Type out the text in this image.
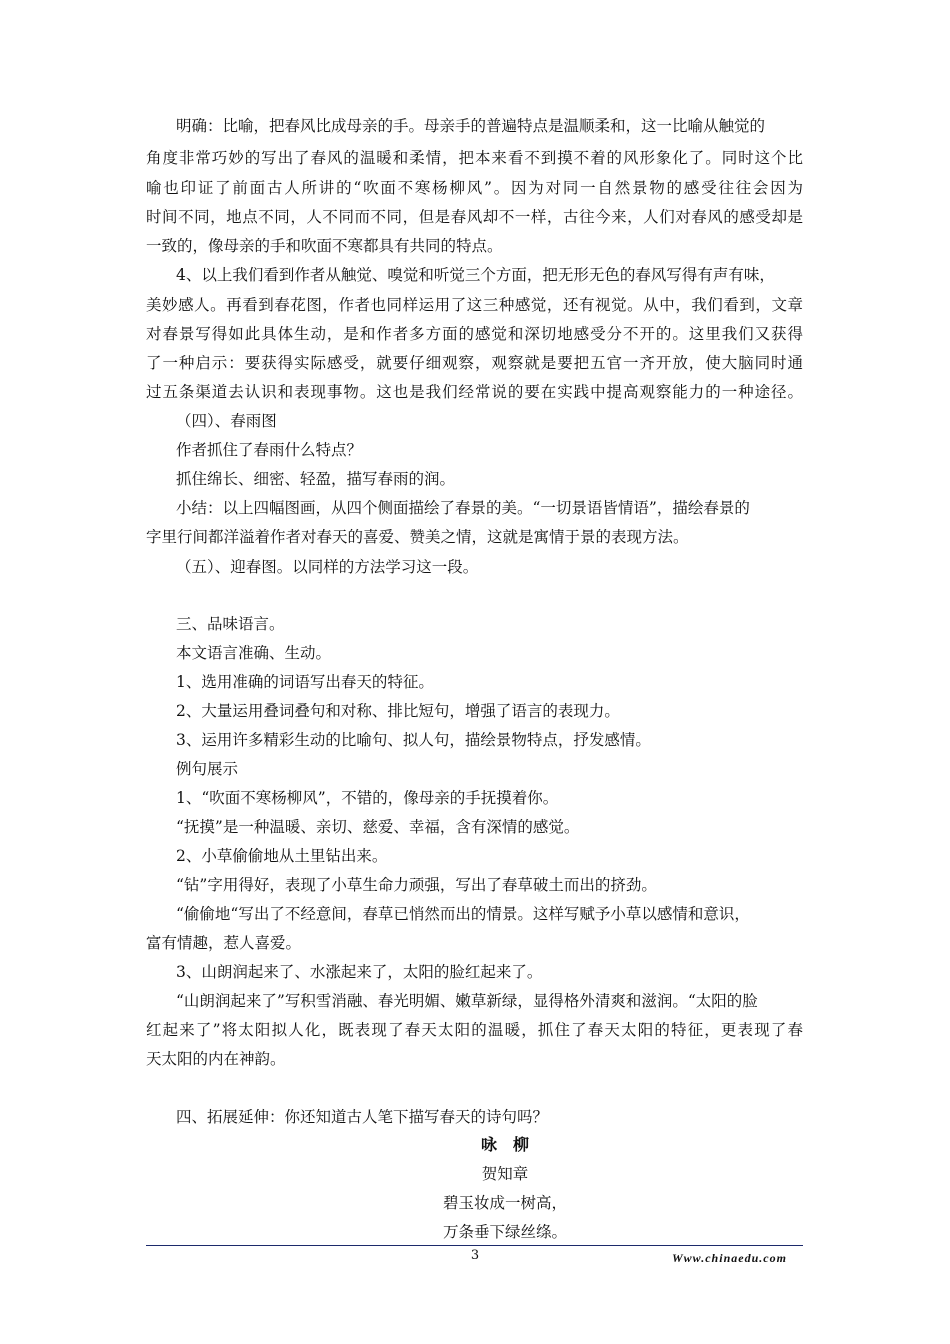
明确：比喻，把春风比成母亲的手。母亲手的普遍特点是温顺柔和，这一比喻从触觉的
角度非常巧妙的写出了春风的温暖和柔情，把本来看不到摸不着的风形象化了。同时这个比
喻也印证了前面古人所讲的“吹面不寒杨柳风”。因为对同一自然景物的感受往往会因为
时间不同，地点不同，人不同而不同，但是春风却不一样，古往今来，人们对春风的感受却是
一致的，像母亲的手和吹面不寒都具有共同的特点。
4、以上我们看到作者从触觉、嗅觉和听觉三个方面，把无形无色的春风写得有声有味，
美妙感人。再看到春花图，作者也同样运用了这三种感觉，还有视觉。从中，我们看到，文章
对春景写得如此具体生动，是和作者多方面的感觉和深切地感受分不开的。这里我们又获得
了一种启示：要获得实际感受，就要仔细观察，观察就是要把五官一齐开放，使大脑同时通
过五条渠道去认识和表现事物。这也是我们经常说的要在实践中提高观察能力的一种途径。
（四）、春雨图
作者抓住了春雨什么特点？
抓住绵长、细密、轻盈，描写春雨的润。
小结：以上四幅图画，从四个侧面描绘了春景的美。“一切景语皆情语”，描绘春景的
字里行间都洋溢着作者对春天的喜爱、赞美之情，这就是寓情于景的表现方法。
（五）、迎春图。以同样的方法学习这一段。
三、品味语言。
本文语言准确、生动。
1、选用准确的词语写出春天的特征。
2、大量运用叠词叠句和对称、排比短句，增强了语言的表现力。
3、运用许多精彩生动的比喻句、拟人句，描绘景物特点，抒发感情。
例句展示
1、“吹面不寒杨柳风”，不错的，像母亲的手抚摸着你。
“抚摸”是一种温暖、亲切、慈爱、幸福，含有深情的感觉。
2、小草偷偷地从土里钻出来。
“钻”字用得好，表现了小草生命力顽强，写出了春草破土而出的挤劲。
“偷偷地“写出了不经意间，春草已悄然而出的情景。这样写赋予小草以感情和意识，
富有情趣，惹人喜爱。
3、山朗润起来了、水涨起来了，太阳的脸红起来了。
“山朗润起来了”写积雪消融、春光明媚、嫩草新绿，显得格外清爽和滋润。“太阳的脸
红起来了”将太阳拟人化，既表现了春天太阳的温暖，抓住了春天太阳的特征，更表现了春
天太阳的内在神韵。
四、拓展延伸：你还知道古人笔下描写春天的诗句吗？
咏　柳
贺知章
碧玉妆成一树高，
万条垂下绿丝绦。
3	Www.chinaedu.com
